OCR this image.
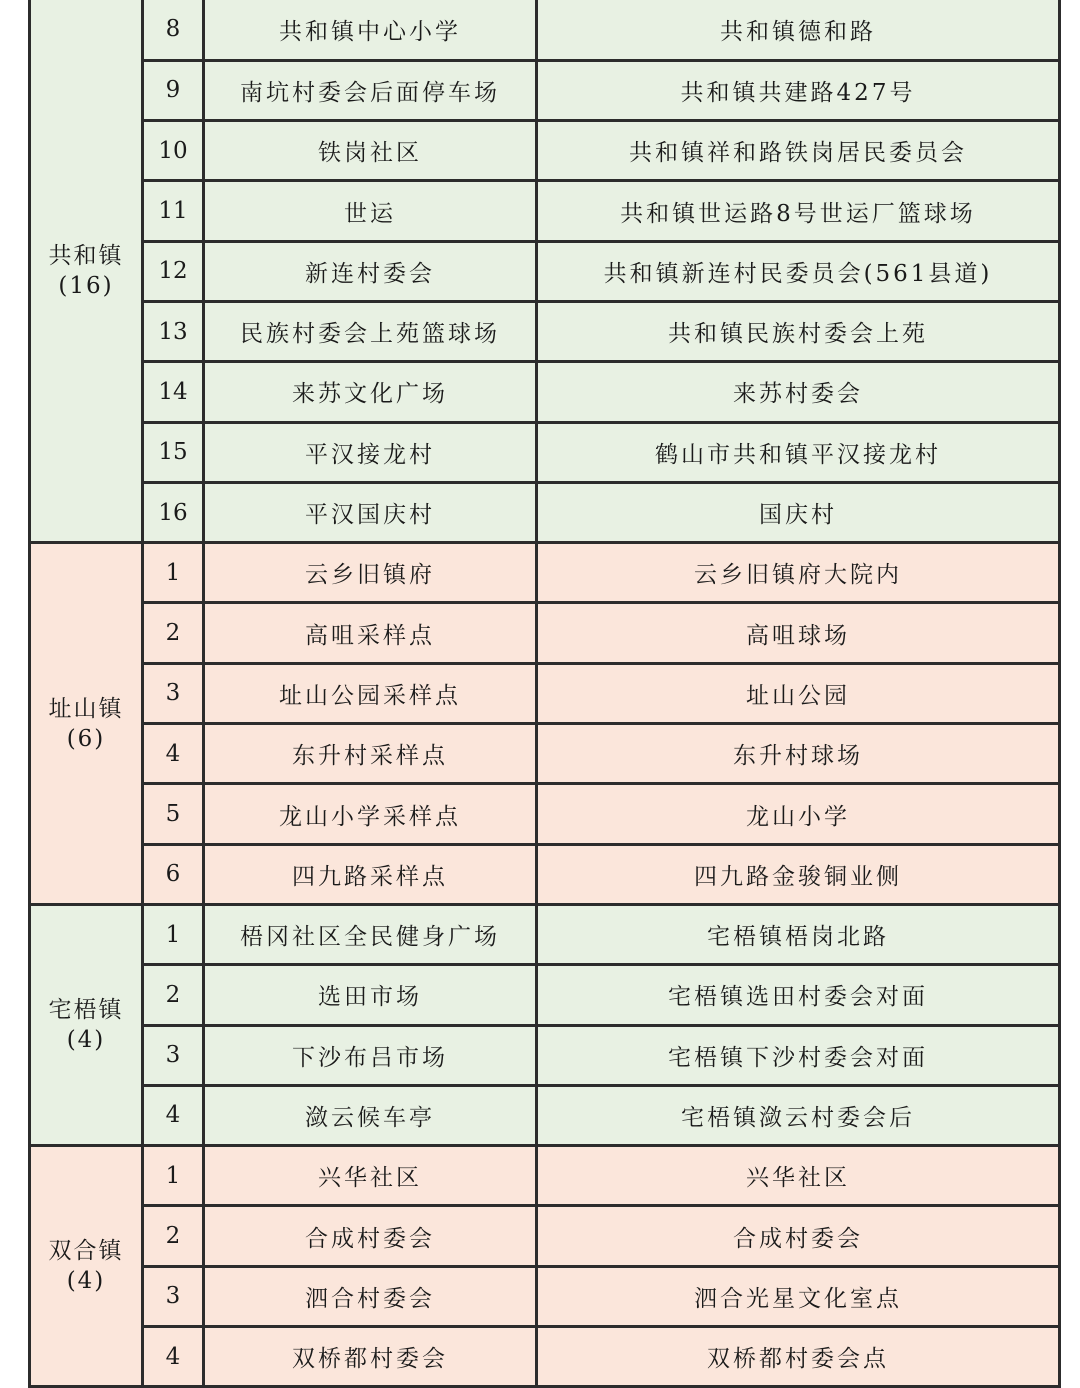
共和镇
(16)	8	共和镇中心小学	共和镇德和路
	9	南坑村委会后面停车场	共和镇共建路427号
	10	铁岗社区	共和镇祥和路铁岗居民委员会
	11	世运	共和镇世运路8号世运厂篮球场
	12	新连村委会	共和镇新连村民委员会(561县道)
	13	民族村委会上苑篮球场	共和镇民族村委会上苑
	14	来苏文化广场	来苏村委会
	15	平汉接龙村	鹤山市共和镇平汉接龙村
	16	平汉国庆村	国庆村

址山镇
(6)	1	云乡旧镇府	云乡旧镇府大院内
	2	高咀采样点	高咀球场
	3	址山公园采样点	址山公园
	4	东升村采样点	东升村球场
	5	龙山小学采样点	龙山小学
	6	四九路采样点	四九路金骏铜业侧

宅梧镇
(4)	1	梧冈社区全民健身广场	宅梧镇梧岗北路
	2	选田市场	宅梧镇选田村委会对面
	3	下沙布吕市场	宅梧镇下沙村委会对面
	4	潋云候车亭	宅梧镇潋云村委会后

双合镇
(4)	1	兴华社区	兴华社区
	2	合成村委会	合成村委会
	3	泗合村委会	泗合光星文化室点
	4	双桥都村委会	双桥都村委会点
